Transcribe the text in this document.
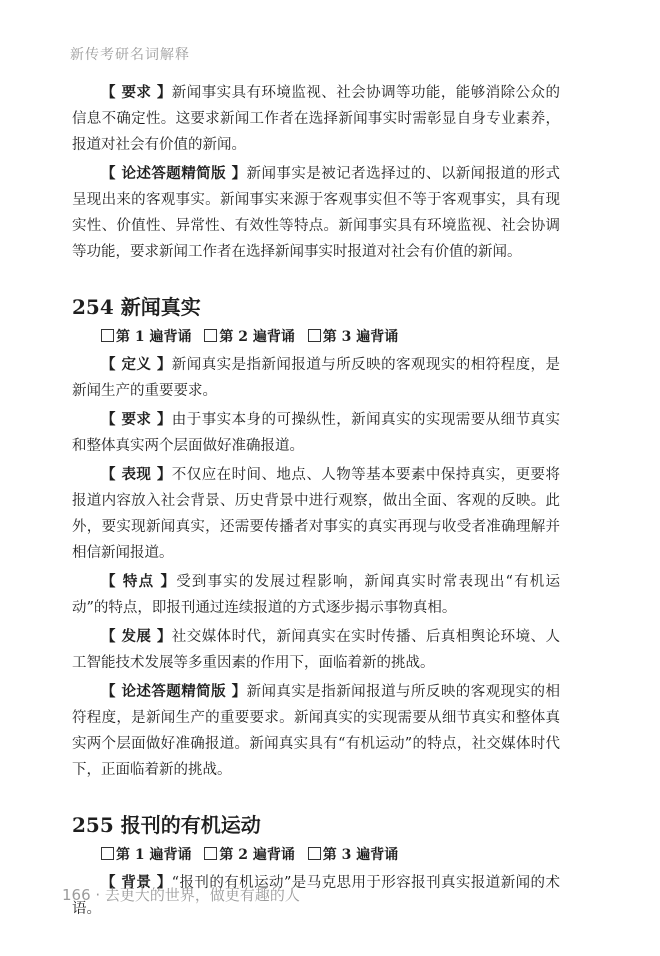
新传考研名词解释

【 要求 】新闻事实具有环境监视、社会协调等功能，能够消除公众的信息不确定性。这要求新闻工作者在选择新闻事实时需彰显自身专业素养，报道对社会有价值的新闻。

【 论述答题精简版 】新闻事实是被记者选择过的、以新闻报道的形式呈现出来的客观事实。新闻事实来源于客观事实但不等于客观事实，具有现实性、价值性、异常性、有效性等特点。新闻事实具有环境监视、社会协调等功能，要求新闻工作者在选择新闻事实时报道对社会有价值的新闻。

254 新闻真实
第 1 遍背诵 第 2 遍背诵 第 3 遍背诵

【 定义 】新闻真实是指新闻报道与所反映的客观现实的相符程度，是新闻生产的重要要求。

【 要求 】由于事实本身的可操纵性，新闻真实的实现需要从细节真实和整体真实两个层面做好准确报道。

【 表现 】不仅应在时间、地点、人物等基本要素中保持真实，更要将报道内容放入社会背景、历史背景中进行观察，做出全面、客观的反映。此外，要实现新闻真实，还需要传播者对事实的真实再现与收受者准确理解并相信新闻报道。

【 特点 】受到事实的发展过程影响，新闻真实时常表现出“有机运动”的特点，即报刊通过连续报道的方式逐步揭示事物真相。

【 发展 】社交媒体时代，新闻真实在实时传播、后真相舆论环境、人工智能技术发展等多重因素的作用下，面临着新的挑战。

【 论述答题精简版 】新闻真实是指新闻报道与所反映的客观现实的相符程度，是新闻生产的重要要求。新闻真实的实现需要从细节真实和整体真实两个层面做好准确报道。新闻真实具有“有机运动”的特点，社交媒体时代下，正面临着新的挑战。

255 报刊的有机运动
第 1 遍背诵 第 2 遍背诵 第 3 遍背诵

【 背景 】“报刊的有机运动”是马克思用于形容报刊真实报道新闻的术语。

166 · 去更大的世界，做更有趣的人
